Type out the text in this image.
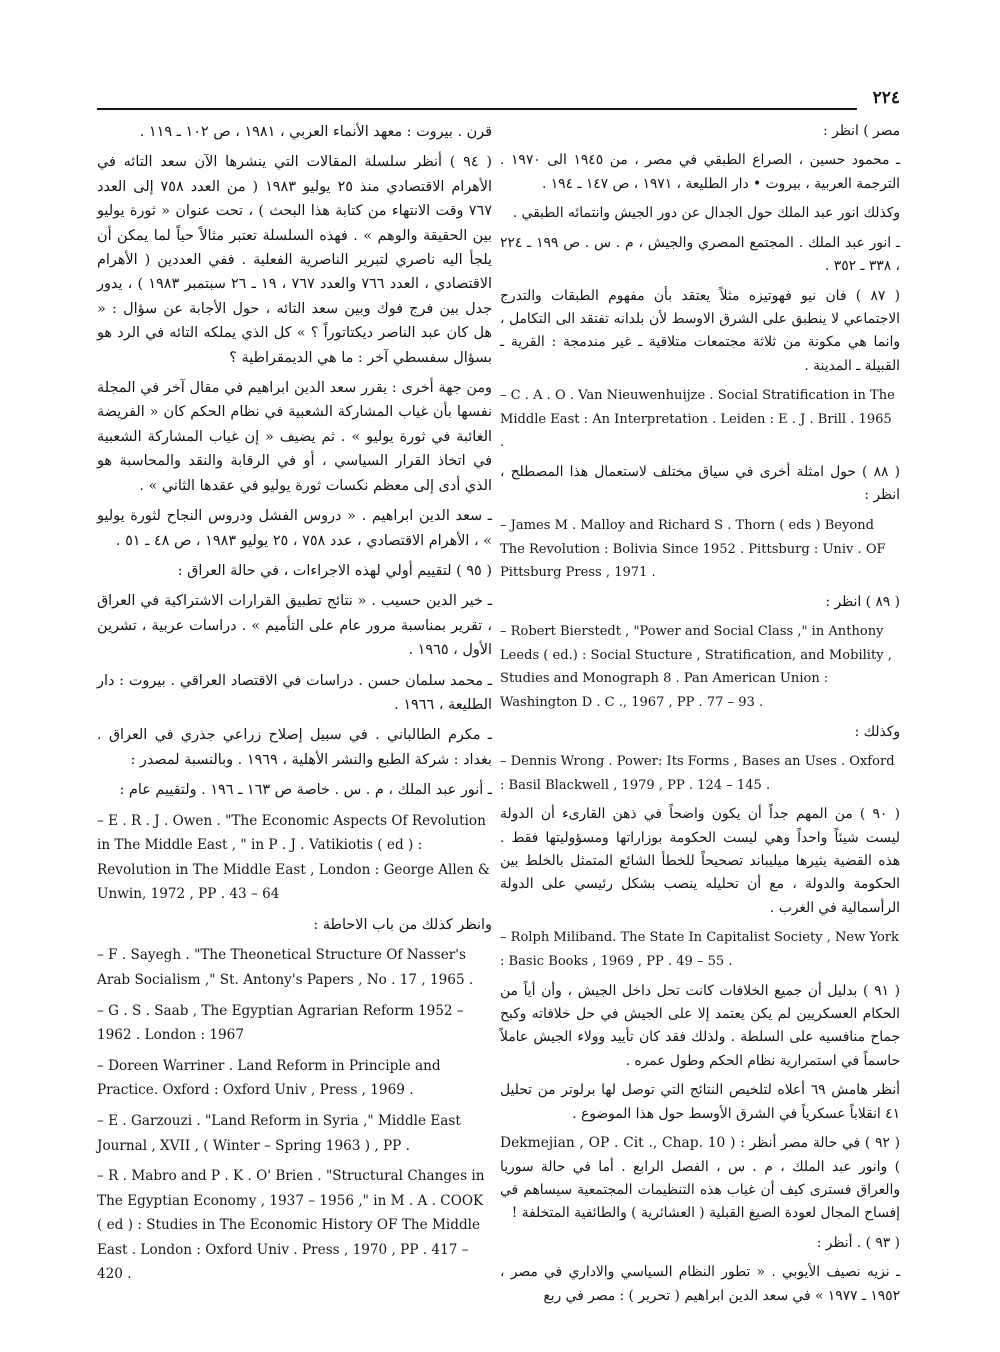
٢٢٤

مصر ) انظر :

ـ محمود حسين ، الصراع الطبقي في مصر ، من ١٩٤٥ الى ١٩٧٠ . الترجمة العربية ، بيروت • دار الطليعة ، ١٩٧١ ، ص ١٤٧ ـ ١٩٤ .

وكذلك انور عبد الملك حول الجدال عن دور الجيش وانتمائه الطبقي .

ـ انور عبد الملك . المجتمع المصري والجيش ، م . س . ص ١٩٩ ـ ٢٢٤ ، ٣٣٨ ـ ٣٥٢ .

( ٨٧ ) فان نيو فهوتيزه مثلاً يعتقد بأن مفهوم الطبقات والتدرج الاجتماعي لا ينطبق على الشرق الاوسط لأن بلدانه تفتقد الى التكامل ، وانما هي مكونة من ثلاثة مجتمعات متلاقية ـ غير مندمجة : القرية ـ القبيلة ـ المدينة .

– C . A . O . Van Nieuwenhuijze . Social Stratification in The Middle East : An Interpretation . Leiden : E . J . Brill . 1965 .

( ٨٨ ) حول امثلة أخرى في سياق مختلف لاستعمال هذا المصطلح ، انظر :

– James M . Malloy and Richard S . Thorn ( eds ) Beyond The Revolution : Bolivia Since 1952 . Pittsburg : Univ . OF Pittsburg Press , 1971 .

( ٨٩ ) انظر :

– Robert Bierstedt , "Power and Social Class ," in Anthony Leeds ( ed.) : Social Stucture , Stratification, and Mobility , Studies and Monograph 8 . Pan American Union : Washington D . C ., 1967 , PP . 77 – 93 .

وكذلك :

– Dennis Wrong . Power: Its Forms , Bases an Uses . Oxford : Basil Blackwell , 1979 , PP . 124 – 145 .

( ٩٠ ) من المهم جداً أن يكون واضحاً في ذهن القارىء أن الدولة ليست شيئاً واحداً وهي ليست الحكومة بوزاراتها ومسؤوليتها فقط . هذه القضية يثيرها ميليباند تصحيحاً للخطأ الشائع المتمثل بالخلط بين الحكومة والدولة ، مع أن تحليله ينصب بشكل رئيسي على الدولة الرأسمالية في الغرب .

– Rolph Miliband. The State In Capitalist Society , New York : Basic Books , 1969 , PP . 49 – 55 .

( ٩١ ) بدليل أن جميع الخلافات كانت تحل داخل الجيش ، وأن أياً من الحكام العسكريين لم يكن يعتمد إلا على الجيش في حل خلافاته وكبح جماح منافسيه على السلطة . ولذلك فقد كان تأييد وولاء الجيش عاملاً حاسماً في استمرارية نظام الحكم وطول عمره .

أنظر هامش ٦٩ أعلاه لتلخيص النتائج التي توصل لها برلوتر من تحليل ٤١ انقلاباً عسكرياً في الشرق الأوسط حول هذا الموضوع .

( ٩٢ ) في حالة مصر أنظر : ( Dekmejian , OP . Cit ., Chap. 10 ) وانور عبد الملك ، م . س ، الفصل الرابع . أما في حالة سوريا والعراق فسترى كيف أن غياب هذه التنظيمات المجتمعية سيساهم في إفساح المجال لعودة الصيغ القبلية ( العشائرية ) والطائفية المتخلفة !

( ٩٣ ) . أنظر :

ـ نزيه نصيف الأيوبي . « تطور النظام السياسي والاداري في مصر ، ١٩٥٢ ـ ١٩٧٧ » في سعد الدين ابراهيم ( تحرير ) : مصر في ربع

قرن . بيروت : معهد الأنماء العربي ، ١٩٨١ ، ص ١٠٢ ـ ١١٩ .

( ٩٤ ) أنظر سلسلة المقالات التي ينشرها الآن سعد التائه في الأهرام الاقتصادي منذ ٢٥ يوليو ١٩٨٣ ( من العدد ٧٥٨ إلى العدد ٧٦٧ وقت الانتهاء من كتابة هذا البحث ) ، تحت عنوان « ثورة يوليو بين الحقيقة والوهم » . فهذه السلسلة تعتبر مثالاً حياً لما يمكن أن يلجأ اليه ناصري لتبرير الناصرية الفعلية . ففي العددين ( الأهرام الاقتصادي ، العدد ٧٦٦ والعدد ٧٦٧ ، ١٩ ـ ٢٦ سبتمبر ١٩٨٣ ) ، يدور جدل بين فرج فوك وبين سعد التائه ، حول الأجابة عن سؤال : « هل كان عبد الناصر ديكتاتوراً ؟ » كل الذي يملكه التائه في الرد هو بسؤال سفسطي آخر : ما هي الديمقراطية ؟

ومن جهة أخرى : يقرر سعد الدين ابراهيم في مقال آخر في المجلة نفسها بأن غياب المشاركة الشعبية في نظام الحكم كان « الفريضة الغائبة في ثورة يوليو » . ثم يضيف « إن غياب المشاركة الشعبية في اتخاذ القرار السياسي ، أو في الرقابة والنقد والمحاسبة هو الذي أدى إلى معظم نكسات ثورة يوليو في عقدها الثاني » .

ـ سعد الدين ابراهيم . « دروس الفشل ودروس النجاح لثورة يوليو » ، الأهرام الاقتصادي ، عدد ٧٥٨ ، ٢٥ يوليو ١٩٨٣ ، ص ٤٨ ـ ٥١ .

( ٩٥ ) لتقييم أولي لهذه الاجراءات ، في حالة العراق :

ـ خير الدين حسيب . « نتائج تطبيق القرارات الاشتراكية في العراق ، تقرير بمناسبة مرور عام على التأميم » . دراسات عربية ، تشرين الأول ، ١٩٦٥ .

ـ محمد سلمان حسن . دراسات في الاقتصاد العراقي . بيروت : دار الطليعة ، ١٩٦٦ .

ـ مكرم الطالباني . في سبيل إصلاح زراعي جذري في العراق . بغداد : شركة الطبع والنشر الأهلية ، ١٩٦٩ . وبالنسبة لمصدر :

ـ أنور عبد الملك ، م . س . خاصة ص ١٦٣ ـ ١٩٦ . ولتقييم عام :

– E . R . J . Owen . "The Economic Aspects Of Revolution in The Middle East , " in P . J . Vatikiotis ( ed ) : Revolution in The Middle East , London : George Allen & Unwin, 1972 , PP . 43 – 64

وانظر كذلك من باب الاحاطة :

– F . Sayegh . "The Theonetical Structure Of Nasser's Arab Socialism ," St. Antony's Papers , No . 17 , 1965 .

– G . S . Saab , The Egyptian Agrarian Reform 1952 – 1962 . London : 1967

– Doreen Warriner . Land Reform in Principle and Practice. Oxford : Oxford Univ , Press , 1969 .

– E . Garzouzi . "Land Reform in Syria ," Middle East Journal , XVII , ( Winter – Spring 1963 ) , PP .

– R . Mabro and P . K . O' Brien . "Structural Changes in The Egyptian Economy , 1937 – 1956 ," in M . A . COOK ( ed ) : Studies in The Economic History OF The Middle East . London : Oxford Univ . Press , 1970 , PP . 417 – 420 .
